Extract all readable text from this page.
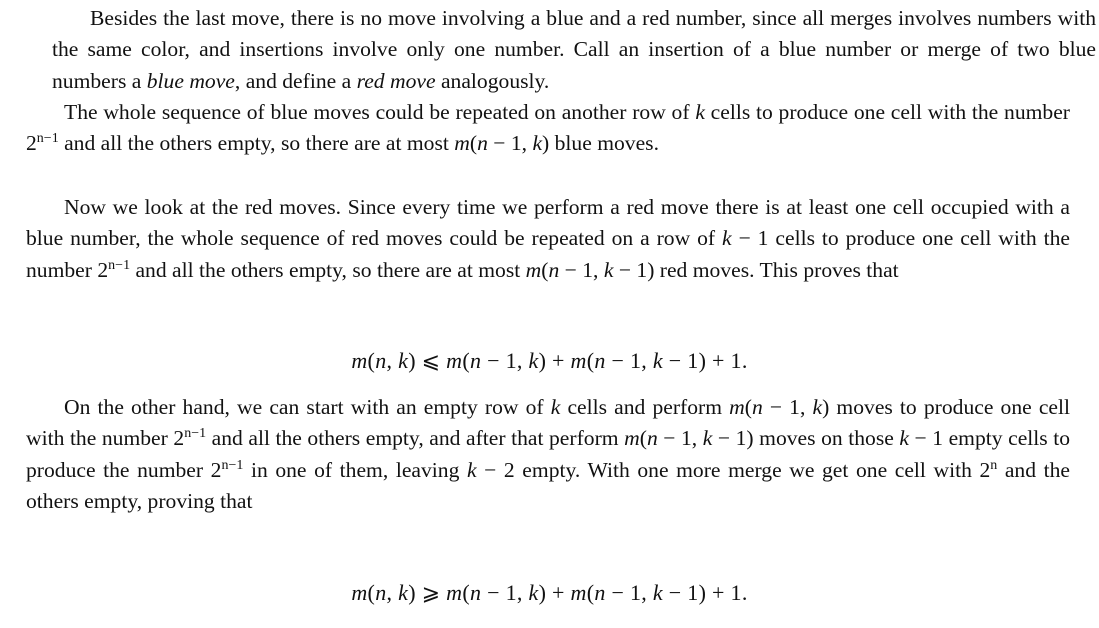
Besides the last move, there is no move involving a blue and a red number, since all merges involves numbers with the same color, and insertions involve only one number. Call an insertion of a blue number or merge of two blue numbers a blue move, and define a red move analogously.

The whole sequence of blue moves could be repeated on another row of k cells to produce one cell with the number $2^{n-1}$ and all the others empty, so there are at most m(n − 1, k) blue moves.

Now we look at the red moves. Since every time we perform a red move there is at least one cell occupied with a blue number, the whole sequence of red moves could be repeated on a row of k − 1 cells to produce one cell with the number $2^{n-1}$ and all the others empty, so there are at most m(n − 1, k − 1) red moves. This proves that

On the other hand, we can start with an empty row of k cells and perform m(n − 1, k) moves to produce one cell with the number $2^{n-1}$ and all the others empty, and after that perform m(n − 1, k − 1) moves on those k − 1 empty cells to produce the number $2^{n-1}$ in one of them, leaving k − 2 empty. With one more merge we get one cell with 2$^n$ and the others empty, proving that

m(n, k) ⩽ m(n − 1, k) + m(n − 1, k − 1) + 1.
m(n, k) ⩾ m(n − 1, k) + m(n − 1, k − 1) + 1.
